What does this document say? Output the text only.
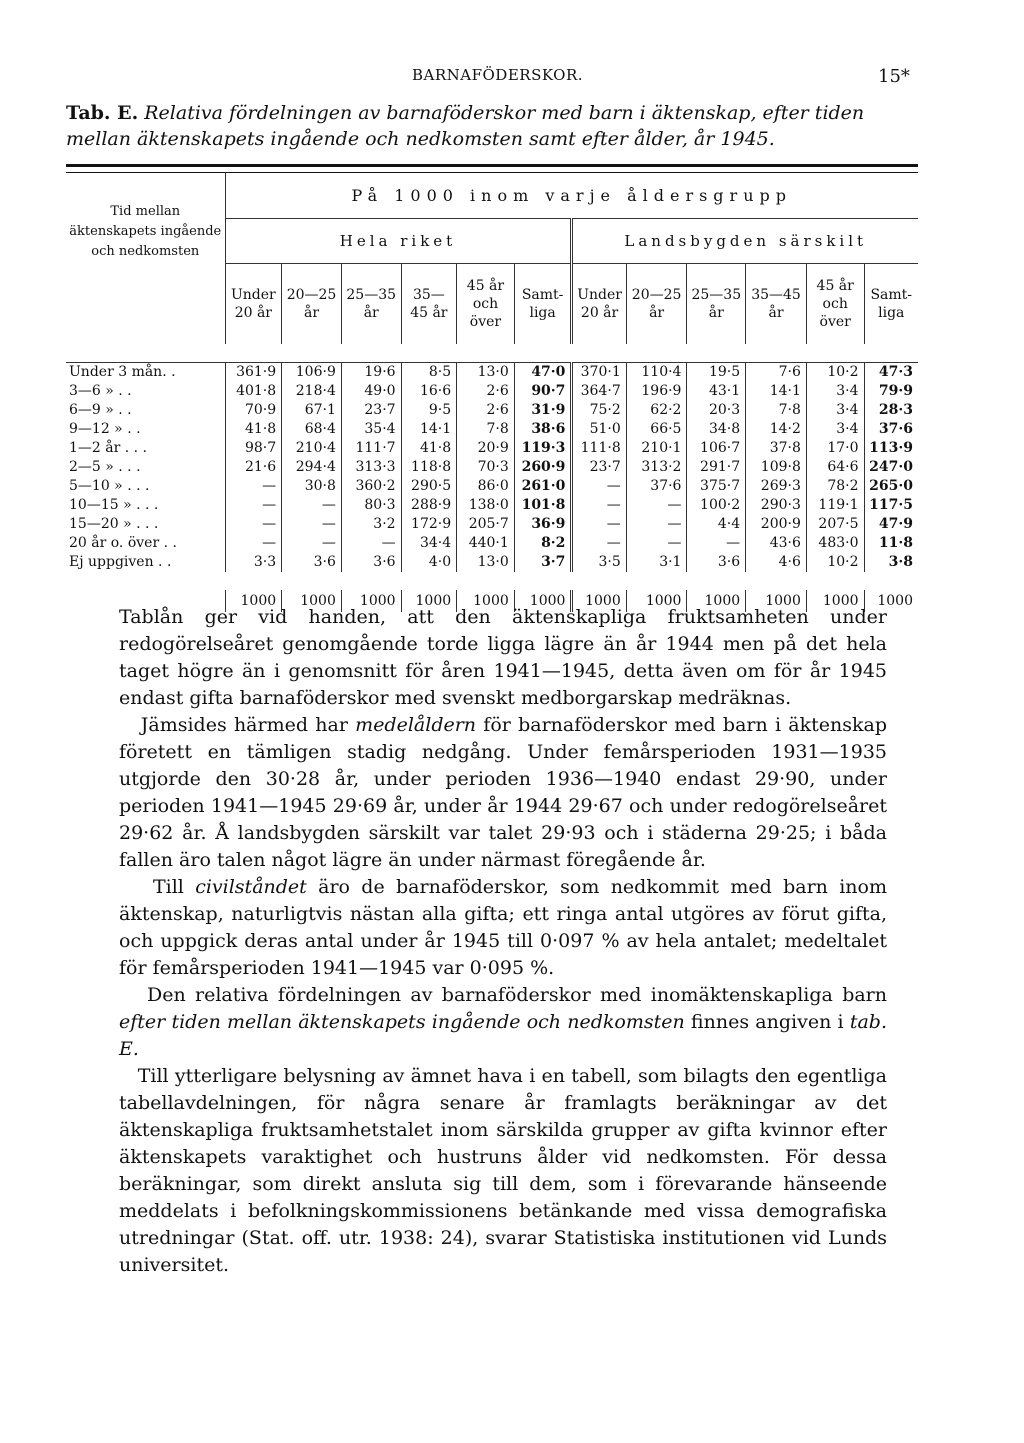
BARNAFÖDERSKOR.	15*
Tab. E. Relativa fördelningen av barnaföderskor med barn i äktenskap, efter tiden mellan äktenskapets ingående och nedkomsten samt efter ålder, år 1945.
Tid mellan äktenskapets ingående och nedkomsten	På 1000 inom varje åldersgrupp											
	Hela riket						Landsbygden särskilt					
	Under 20 år	20—25 år	25—35 år	35—45 år	45 år och över	Samt-liga	Under 20 år	20—25 år	25—35 år	35—45 år	45 år och över	Samt-liga

Under 3 mån. .	361·9	106·9	19·6	8·5	13·0	47·0	370·1	110·4	19·5	7·6	10·2	47·3
3—6 » . .	401·8	218·4	49·0	16·6	2·6	90·7	364·7	196·9	43·1	14·1	3·4	79·9
6—9 » . .	70·9	67·1	23·7	9·5	2·6	31·9	75·2	62·2	20·3	7·8	3·4	28·3
9—12 » . .	41·8	68·4	35·4	14·1	7·8	38·6	51·0	66·5	34·8	14·2	3·4	37·6
1—2 år . . .	98·7	210·4	111·7	41·8	20·9	119·3	111·8	210·1	106·7	37·8	17·0	113·9
2—5 » . . .	21·6	294·4	313·3	118·8	70·3	260·9	23·7	313·2	291·7	109·8	64·6	247·0
5—10 » . . .	—	30·8	360·2	290·5	86·0	261·0	—	37·6	375·7	269·3	78·2	265·0
10—15 » . . .	—	—	80·3	288·9	138·0	101·8	—	—	100·2	290·3	119·1	117·5
15—20 » . . .	—	—	3·2	172·9	205·7	36·9	—	—	4·4	200·9	207·5	47·9
20 år o. över . .	—	—	—	34·4	440·1	8·2	—	—	—	43·6	483·0	11·8
Ej uppgiven . .	3·3	3·6	3·6	4·0	13·0	3·7	3·5	3·1	3·6	4·6	10·2	3·8

	1000	1000	1000	1000	1000	1000	1000	1000	1000	1000	1000	1000

Tablån ger vid handen, att den äktenskapliga fruktsamheten under redogörelseåret genomgående torde ligga lägre än år 1944 men på det hela taget högre än i genomsnitt för åren 1941—1945, detta även om för år 1945 endast gifta barnaföderskor med svenskt medborgarskap medräknas.

Jämsides härmed har medelåldern för barnaföderskor med barn i äktenskap företett en tämligen stadig nedgång. Under femårsperioden 1931—1935 utgjorde den 30·28 år, under perioden 1936—1940 endast 29·90, under perioden 1941—1945 29·69 år, under år 1944 29·67 och under redogörelseåret 29·62 år. Å landsbygden särskilt var talet 29·93 och i städerna 29·25; i båda fallen äro talen något lägre än under närmast föregående år.

Till civilståndet äro de barnaföderskor, som nedkommit med barn inom äktenskap, naturligtvis nästan alla gifta; ett ringa antal utgöres av förut gifta, och uppgick deras antal under år 1945 till 0·097 % av hela antalet; medeltalet för femårsperioden 1941—1945 var 0·095 %.

Den relativa fördelningen av barnaföderskor med inomäktenskapliga barn efter tiden mellan äktenskapets ingående och nedkomsten finnes angiven i tab. E.

Till ytterligare belysning av ämnet hava i en tabell, som bilagts den egentliga tabellavdelningen, för några senare år framlagts beräkningar av det äktenskapliga fruktsamhetstalet inom särskilda grupper av gifta kvinnor efter äktenskapets varaktighet och hustruns ålder vid nedkomsten. För dessa beräkningar, som direkt ansluta sig till dem, som i förevarande hänseende meddelats i befolkningskommissionens betänkande med vissa demografiska utredningar (Stat. off. utr. 1938: 24), svarar Statistiska institutionen vid Lunds universitet.
